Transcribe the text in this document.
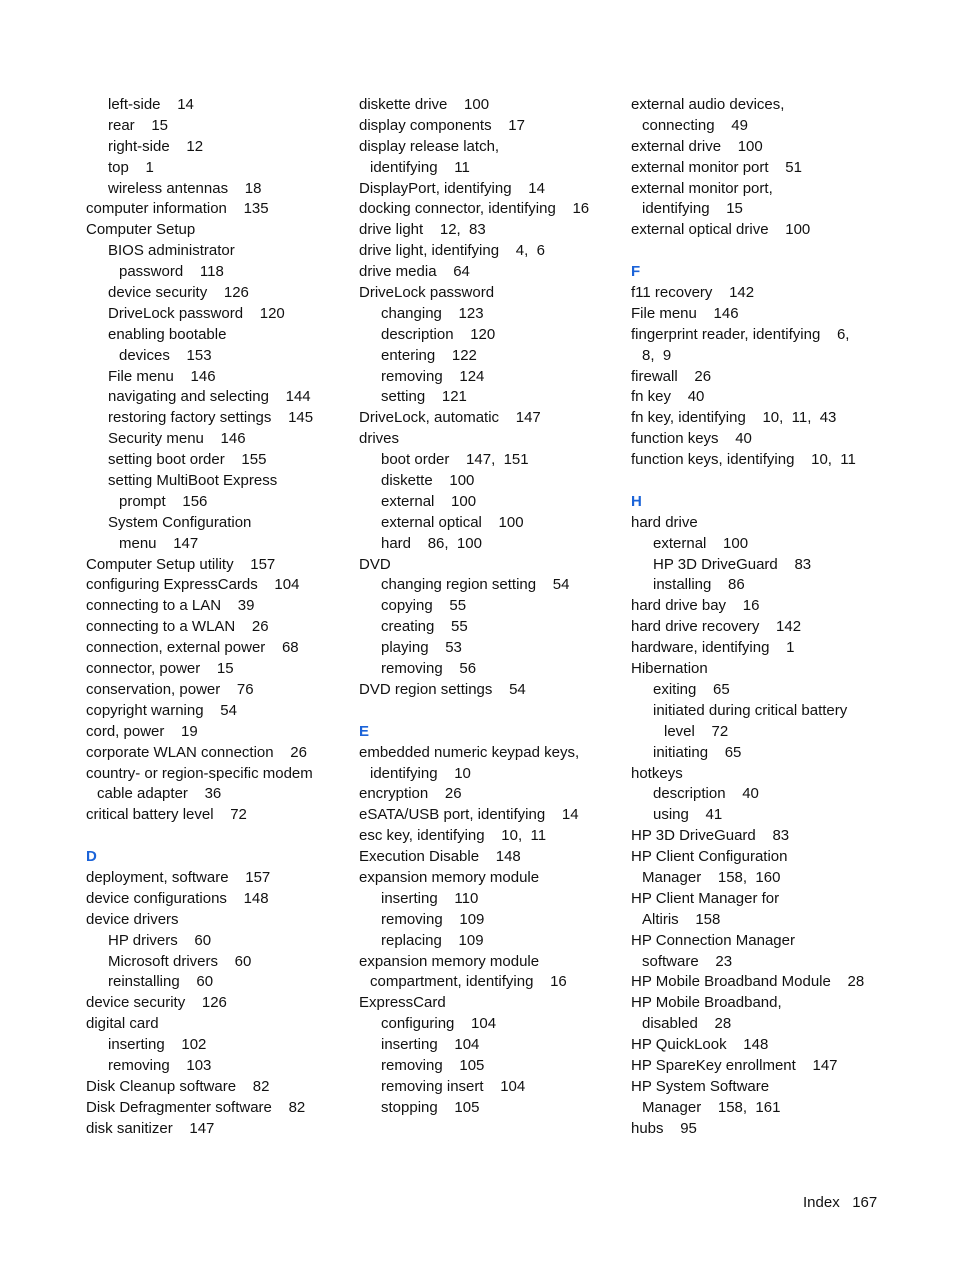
left-side    14
rear    15
right-side    12
top    1
wireless antennas    18
computer information    135
Computer Setup
BIOS administrator
password    118
device security    126
DriveLock password    120
enabling bootable
devices    153
File menu    146
navigating and selecting    144
restoring factory settings    145
Security menu    146
setting boot order    155
setting MultiBoot Express
prompt    156
System Configuration
menu    147
Computer Setup utility    157
configuring ExpressCards    104
connecting to a LAN    39
connecting to a WLAN    26
connection, external power    68
connector, power    15
conservation, power    76
copyright warning    54
cord, power    19
corporate WLAN connection    26
country- or region-specific modem
cable adapter    36
critical battery level    72
D
deployment, software    157
device configurations    148
device drivers
HP drivers    60
Microsoft drivers    60
reinstalling    60
device security    126
digital card
inserting    102
removing    103
Disk Cleanup software    82
Disk Defragmenter software    82
disk sanitizer    147
diskette drive    100
display components    17
display release latch,
identifying    11
DisplayPort, identifying    14
docking connector, identifying    16
drive light    12,  83
drive light, identifying    4,  6
drive media    64
DriveLock password
changing    123
description    120
entering    122
removing    124
setting    121
DriveLock, automatic    147
drives
boot order    147,  151
diskette    100
external    100
external optical    100
hard    86,  100
DVD
changing region setting    54
copying    55
creating    55
playing    53
removing    56
DVD region settings    54
E
embedded numeric keypad keys,
identifying    10
encryption    26
eSATA/USB port, identifying    14
esc key, identifying    10,  11
Execution Disable    148
expansion memory module
inserting    110
removing    109
replacing    109
expansion memory module
compartment, identifying    16
ExpressCard
configuring    104
inserting    104
removing    105
removing insert    104
stopping    105
external audio devices,
connecting    49
external drive    100
external monitor port    51
external monitor port,
identifying    15
external optical drive    100
F
f11 recovery    142
File menu    146
fingerprint reader, identifying    6,
8,  9
firewall    26
fn key    40
fn key, identifying    10,  11,  43
function keys    40
function keys, identifying    10,  11
H
hard drive
external    100
HP 3D DriveGuard    83
installing    86
hard drive bay    16
hard drive recovery    142
hardware, identifying    1
Hibernation
exiting    65
initiated during critical battery
level    72
initiating    65
hotkeys
description    40
using    41
HP 3D DriveGuard    83
HP Client Configuration
Manager    158,  160
HP Client Manager for
Altiris    158
HP Connection Manager
software    23
HP Mobile Broadband Module    28
HP Mobile Broadband,
disabled    28
HP QuickLook    148
HP SpareKey enrollment    147
HP System Software
Manager    158,  161
hubs    95
Index   167
